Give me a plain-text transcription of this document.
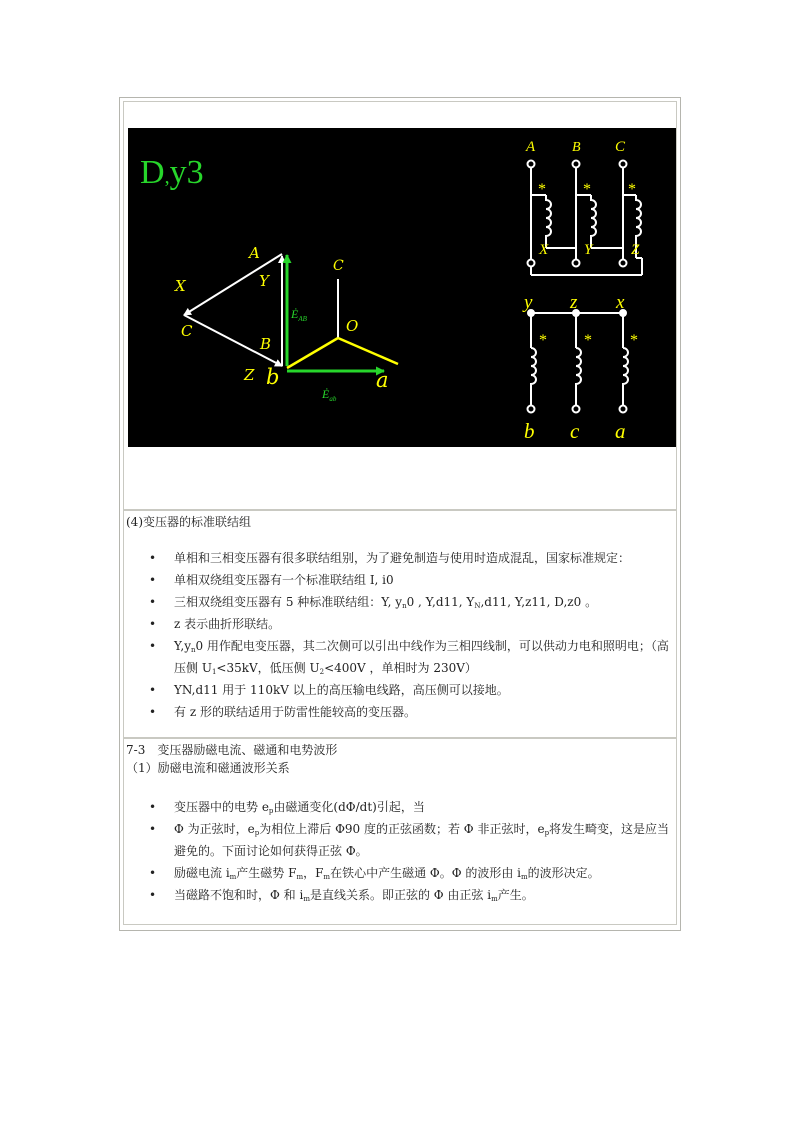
D,y3
A
Y
X
C
B
Z
C
O
b	a
$Ė_{AB}$
$Ė_{ab}$
A	B C
X Y	Z
* * *
y z x
b c a
* * *
(4)变压器的标准联结组
• 单相和三相变压器有很多联结组别，为了避免制造与使用时造成混乱，国家标准规定：
• 单相双绕组变压器有一个标准联结组 I, i0
• 三相双绕组变压器有 5 种标准联结组：Y, $y_n0$ , Y,d11, $Y_N,d11$, Y,z11, D,z0 。
• z 表示曲折形联结。
• $Y,y_n0$ 用作配电变压器，其二次侧可以引出中线作为三相四线制，可以供动力电和照明电；（高压侧 $U_1<35kV$，低压侧 $U_2<400V$ ，单相时为 230V）
• YN,d11 用于 110kV 以上的高压输电线路，高压侧可以接地。
• 有 z 形的联结适用于防雷性能较高的变压器。
7-3　变压器励磁电流、磁通和电势波形
（1）励磁电流和磁通波形关系
• 变压器中的电势 $e_p$由磁通变化(dΦ/dt)引起，当
• Φ 为正弦时，$e_p$为相位上滞后 Φ90 度的正弦函数；若 Φ 非正弦时，$e_p$将发生畸变，这是应当避免的。下面讨论如何获得正弦 Φ。
• 励磁电流 $i_m$产生磁势 $F_m$，$F_m$在铁心中产生磁通 Φ。Φ 的波形由 $i_m$的波形决定。
• 当磁路不饱和时，Φ 和 $i_m$是直线关系。即正弦的 Φ 由正弦 $i_m$产生。
